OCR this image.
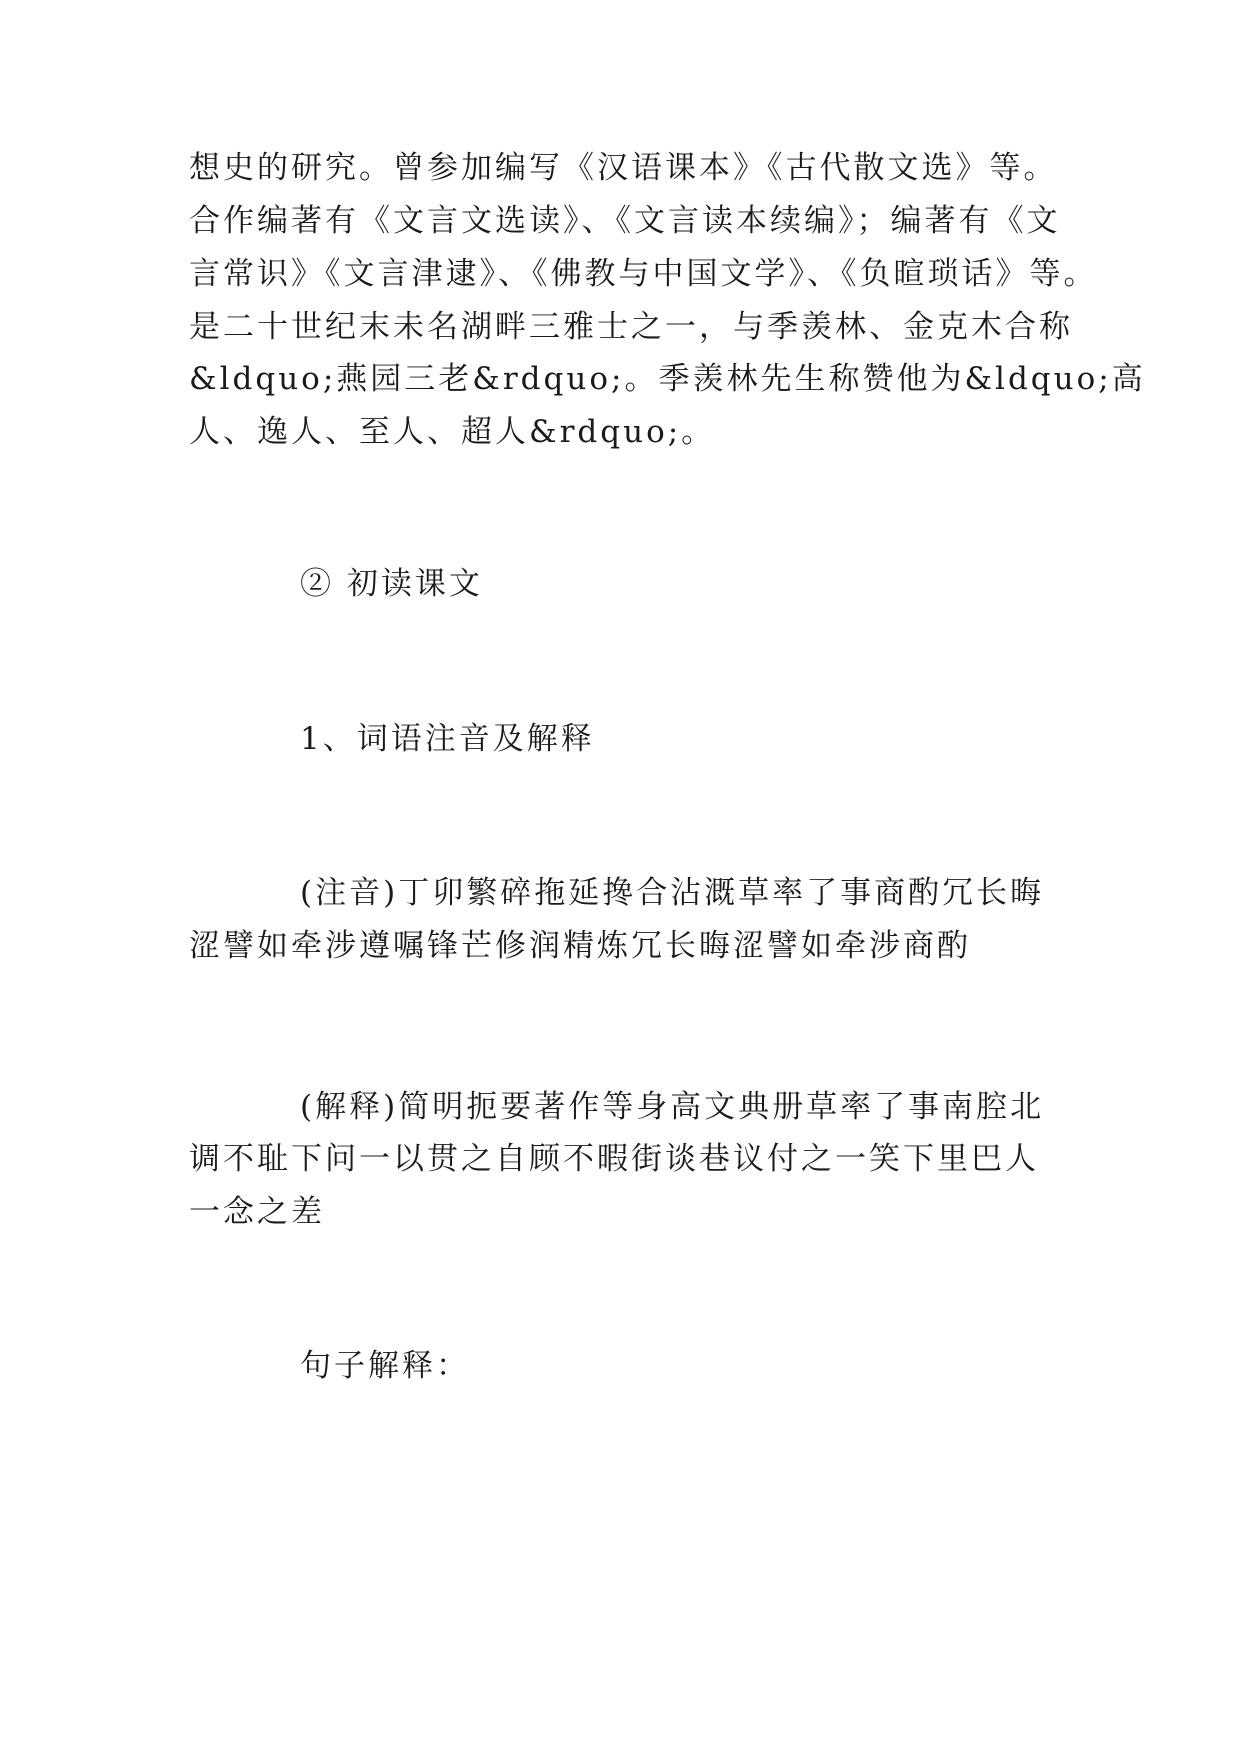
想史的研究。曾参加编写《汉语课本》《古代散文选》等。
合作编著有《文言文选读》、《文言读本续编》；编著有《文
言常识》《文言津逮》、《佛教与中国文学》、《负暄琐话》等。
是二十世纪末未名湖畔三雅士之一，与季羡林、金克木合称
&ldquo;燕园三老&rdquo;。季羡林先生称赞他为&ldquo;高
人、逸人、至人、超人&rdquo;。
② 初读课文
1、词语注音及解释
(注音)丁卯繁碎拖延搀合沾溉草率了事商酌冗长晦
涩譬如牵涉遵嘱锋芒修润精炼冗长晦涩譬如牵涉商酌
(解释)简明扼要著作等身高文典册草率了事南腔北
调不耻下问一以贯之自顾不暇街谈巷议付之一笑下里巴人
一念之差
句子解释：
